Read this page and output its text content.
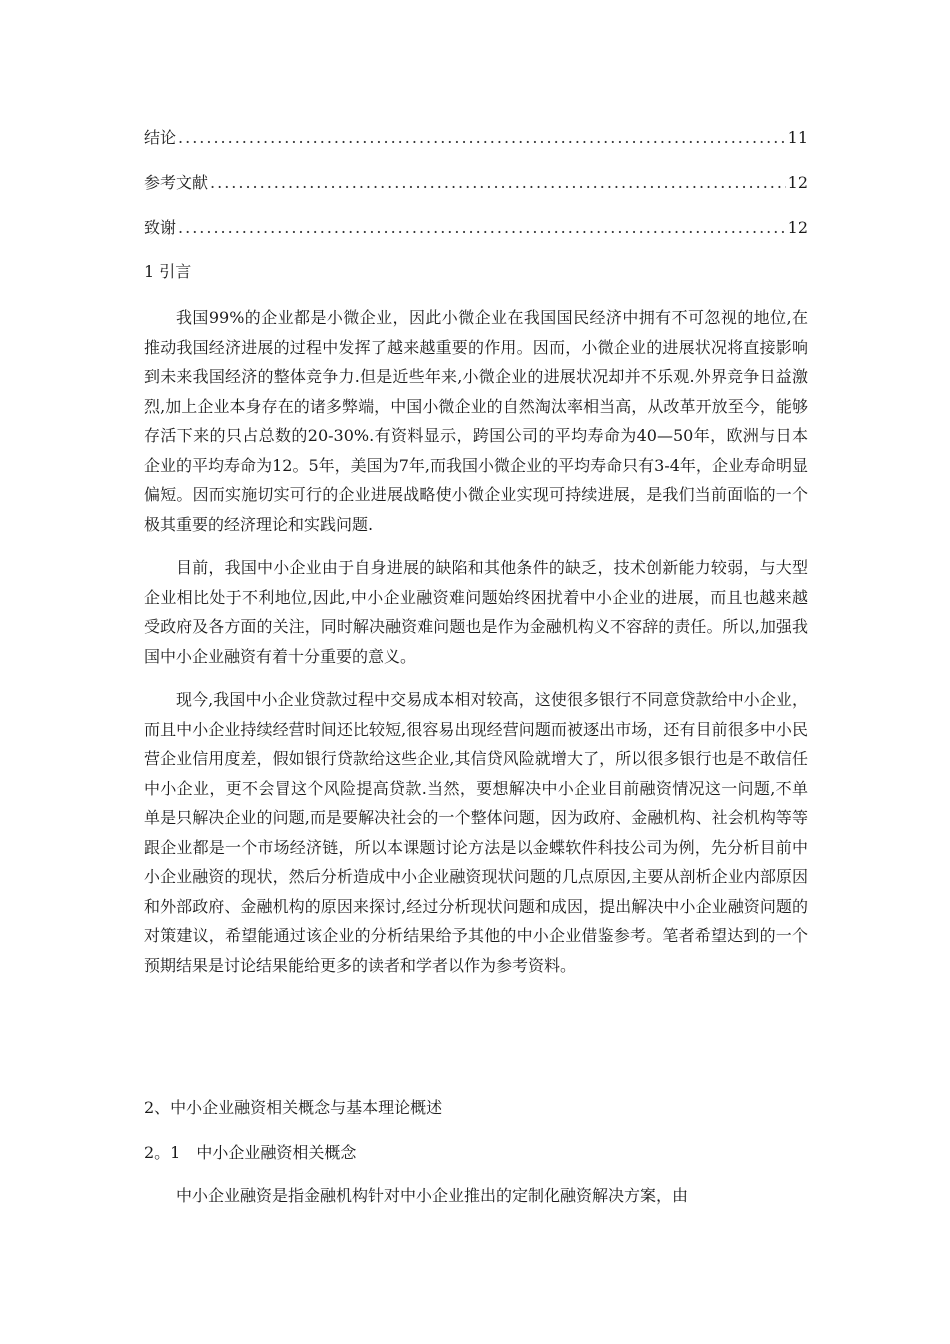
结论 .....	11
参考文献 .....	12
致谢 .....	12

1 引言

我国99%的企业都是小微企业，因此小微企业在我国国民经济中拥有不可忽视的地位,在推动我国经济进展的过程中发挥了越来越重要的作用。因而，小微企业的进展状况将直接影响到未来我国经济的整体竞争力.但是近些年来,小微企业的进展状况却并不乐观.外界竞争日益激烈,加上企业本身存在的诸多弊端，中国小微企业的自然淘汰率相当高，从改革开放至今，能够存活下来的只占总数的20-30%.有资料显示，跨国公司的平均寿命为40—50年，欧洲与日本企业的平均寿命为12。5年，美国为7年,而我国小微企业的平均寿命只有3-4年，企业寿命明显偏短。因而实施切实可行的企业进展战略使小微企业实现可持续进展，是我们当前面临的一个极其重要的经济理论和实践问题.

目前，我国中小企业由于自身进展的缺陷和其他条件的缺乏，技术创新能力较弱，与大型企业相比处于不利地位,因此,中小企业融资难问题始终困扰着中小企业的进展，而且也越来越受政府及各方面的关注，同时解决融资难问题也是作为金融机构义不容辞的责任。所以,加强我国中小企业融资有着十分重要的意义。

现今,我国中小企业贷款过程中交易成本相对较高，这使很多银行不同意贷款给中小企业，而且中小企业持续经营时间还比较短,很容易出现经营问题而被逐出市场，还有目前很多中小民营企业信用度差，假如银行贷款给这些企业,其信贷风险就增大了，所以很多银行也是不敢信任中小企业，更不会冒这个风险提高贷款.当然，要想解决中小企业目前融资情况这一问题,不单单是只解决企业的问题,而是要解决社会的一个整体问题，因为政府、金融机构、社会机构等等跟企业都是一个市场经济链，所以本课题讨论方法是以金蝶软件科技公司为例，先分析目前中小企业融资的现状，然后分析造成中小企业融资现状问题的几点原因,主要从剖析企业内部原因和外部政府、金融机构的原因来探讨,经过分析现状问题和成因，提出解决中小企业融资问题的对策建议，希望能通过该企业的分析结果给予其他的中小企业借鉴参考。笔者希望达到的一个预期结果是讨论结果能给更多的读者和学者以作为参考资料。

2、中小企业融资相关概念与基本理论概述

2。1　中小企业融资相关概念

中小企业融资是指金融机构针对中小企业推出的定制化融资解决方案，由
